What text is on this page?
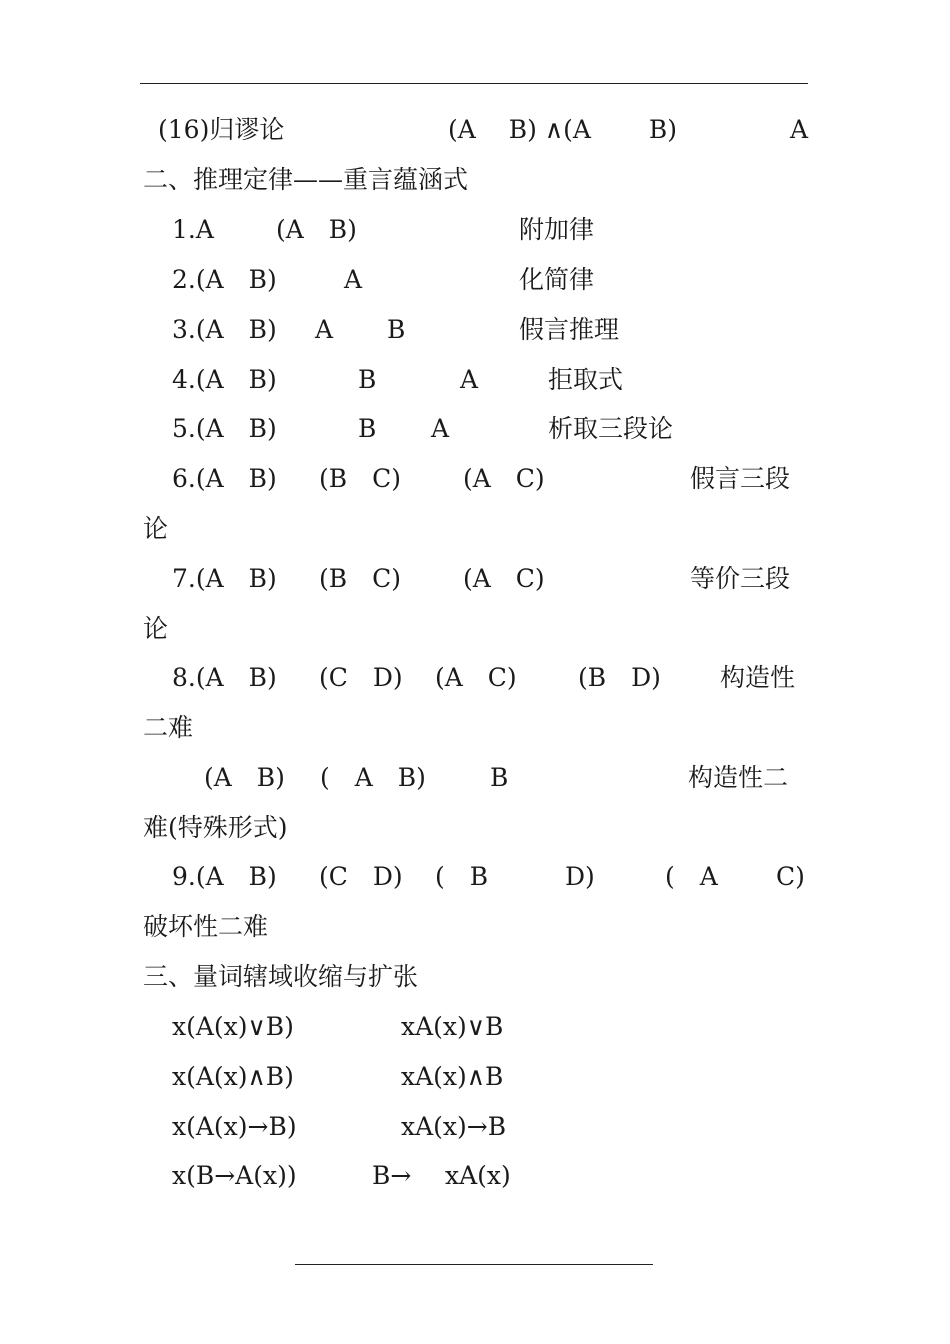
(16)归谬论	(A　 B) ∧(A　　 B)	A
二、推理定律——重言蕴涵式
1.A (A　B)	附加律
2.(A　B)	A	化简律
3.(A　B) A B	假言推理
4.(A　B)	B	A	拒取式
5.(A　B)	B A	析取三段论
6.(A　B) (B　C) (A　C)	假言三段
论
7.(A　B) (B　C) (A　C)	等价三段
论
8.(A　B) (C　D) (A　C) (B　D) 构造性
二难
(A　B) (　A　B)	B	构造性二
难(特殊形式)
9.(A　B) (C　D) (　B	D)	(　A C)
破坏性二难
三、量词辖域收缩与扩张
x(A(x)∨B)	xA(x)∨B
x(A(x)∧B)	xA(x)∧B
x(A(x)→B)	xA(x)→B
x(B→A(x))	B→ xA(x)
